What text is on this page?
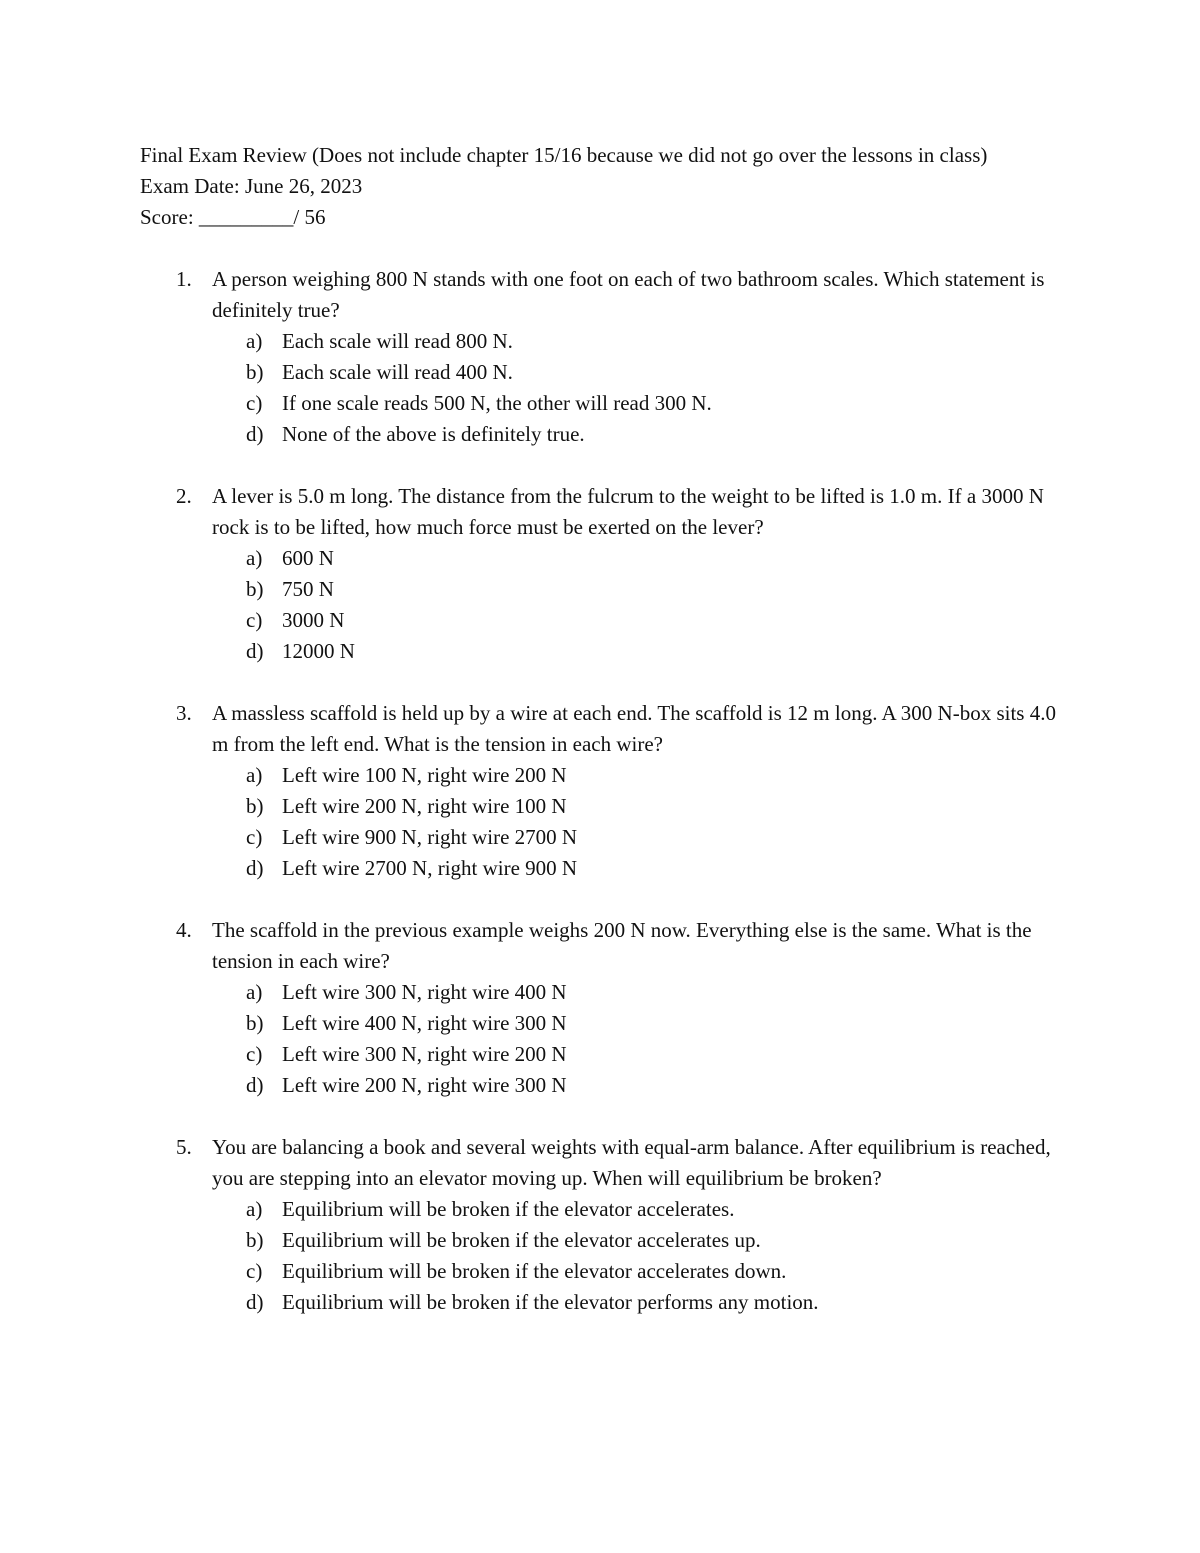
Final Exam Review (Does not include chapter 15/16 because we did not go over the lessons in class)

Exam Date: June 26, 2023

Score: _________/ 56

1. A person weighing 800 N stands with one foot on each of two bathroom scales. Which statement is definitely true?
a) Each scale will read 800 N.
b) Each scale will read 400 N.
c) If one scale reads 500 N, the other will read 300 N.
d) None of the above is definitely true.
2. A lever is 5.0 m long. The distance from the fulcrum to the weight to be lifted is 1.0 m. If a 3000 N rock is to be lifted, how much force must be exerted on the lever?
a) 600 N
b) 750 N
c) 3000 N
d) 12000 N
3. A massless scaffold is held up by a wire at each end. The scaffold is 12 m long. A 300 N-box sits 4.0 m from the left end. What is the tension in each wire?
a) Left wire 100 N, right wire 200 N
b) Left wire 200 N, right wire 100 N
c) Left wire 900 N, right wire 2700 N
d) Left wire 2700 N, right wire 900 N
4. The scaffold in the previous example weighs 200 N now. Everything else is the same. What is the tension in each wire?
a) Left wire 300 N, right wire 400 N
b) Left wire 400 N, right wire 300 N
c) Left wire 300 N, right wire 200 N
d) Left wire 200 N, right wire 300 N
5. You are balancing a book and several weights with equal-arm balance. After equilibrium is reached, you are stepping into an elevator moving up. When will equilibrium be broken?
a) Equilibrium will be broken if the elevator accelerates.
b) Equilibrium will be broken if the elevator accelerates up.
c) Equilibrium will be broken if the elevator accelerates down.
d) Equilibrium will be broken if the elevator performs any motion.
